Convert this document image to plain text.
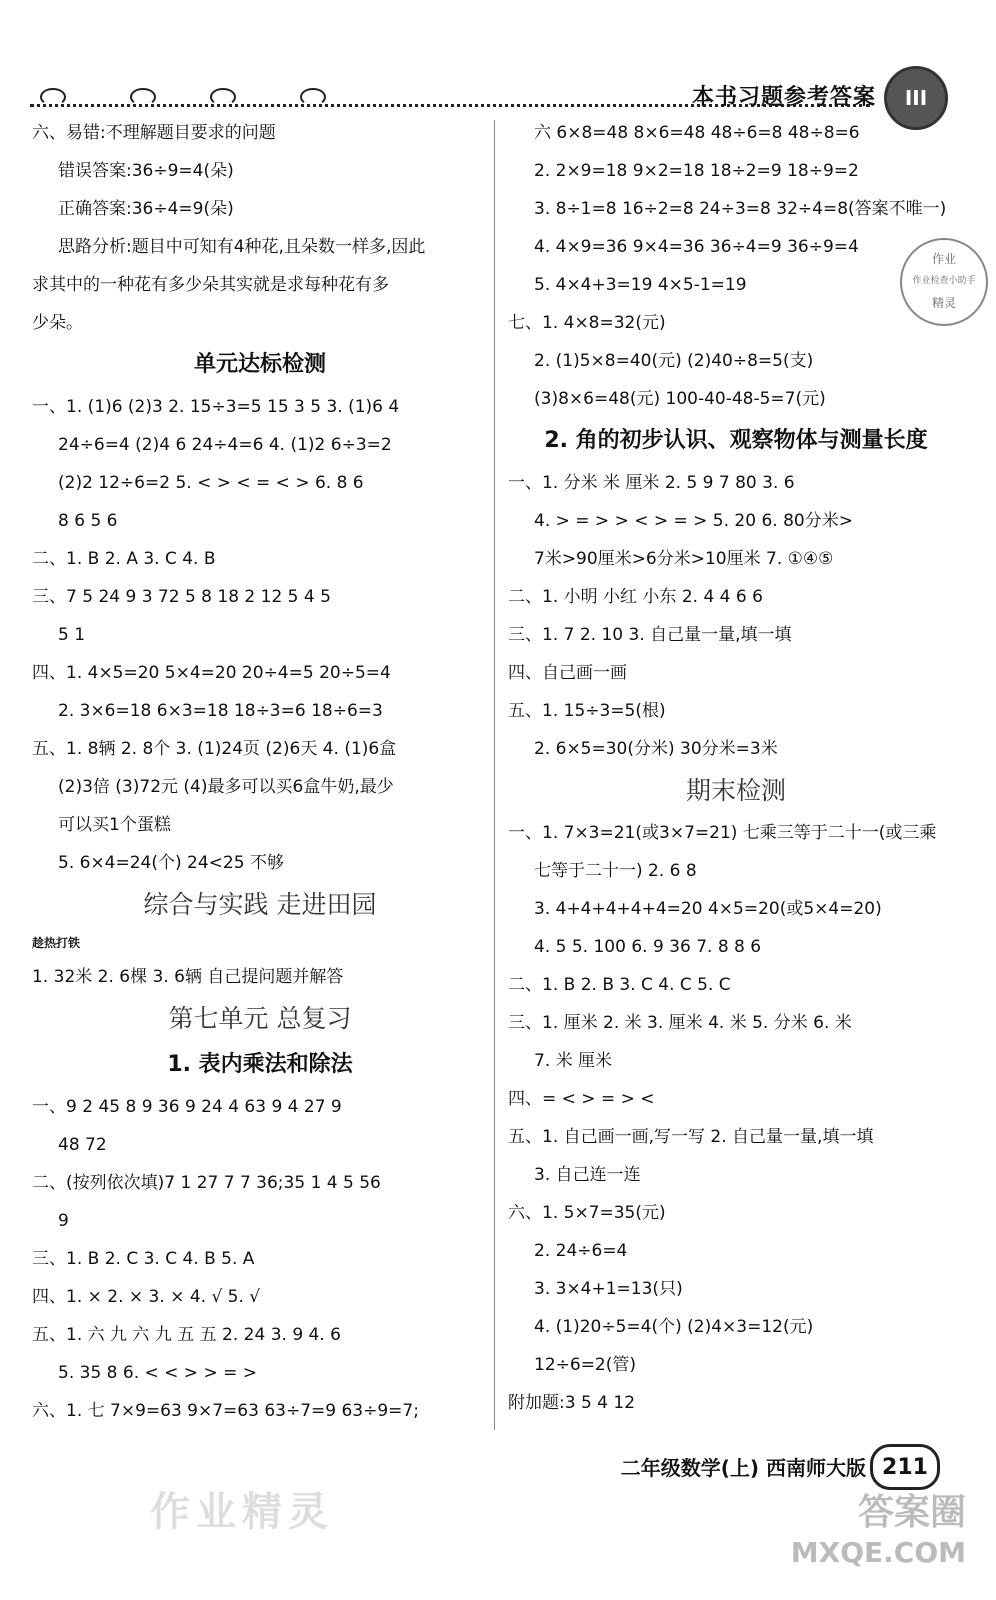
本书习题参考答案	III
六、易错:不理解题目要求的问题
错误答案:36÷9=4(朵)
正确答案:36÷4=9(朵)
思路分析:题目中可知有4种花,且朵数一样多,因此
求其中的一种花有多少朵其实就是求每种花有多
少朵。
单元达标检测
一、1. (1)6 (2)3 2. 15÷3=5 15 3 5 3. (1)6 4
24÷6=4 (2)4 6 24÷4=6 4. (1)2 6÷3=2
(2)2 12÷6=2 5. < > < = < > 6. 8 6
8 6 5 6
二、1. B 2. A 3. C 4. B
三、7 5 24 9 3 72 5 8 18 2 12 5 4 5
5 1
四、1. 4×5=20 5×4=20 20÷4=5 20÷5=4
2. 3×6=18 6×3=18 18÷3=6 18÷6=3
五、1. 8辆 2. 8个 3. (1)24页 (2)6天 4. (1)6盒
(2)3倍 (3)72元 (4)最多可以买6盒牛奶,最少
可以买1个蛋糕
5. 6×4=24(个) 24<25 不够
综合与实践 走进田园
趁热打铁
1. 32米 2. 6棵 3. 6辆 自己提问题并解答
第七单元 总复习
1. 表内乘法和除法
一、9 2 45 8 9 36 9 24 4 63 9 4 27 9
48 72
二、(按列依次填)7 1 27 7 7 36;35 1 4 5 56
9
三、1. B 2. C 3. C 4. B 5. A
四、1. × 2. × 3. × 4. √ 5. √
五、1. 六 九 六 九 五 五 2. 24 3. 9 4. 6
5. 35 8 6. < < > > = >
六、1. 七 7×9=63 9×7=63 63÷7=9 63÷9=7;
六 6×8=48 8×6=48 48÷6=8 48÷8=6
2. 2×9=18 9×2=18 18÷2=9 18÷9=2
3. 8÷1=8 16÷2=8 24÷3=8 32÷4=8(答案不唯一)
4. 4×9=36 9×4=36 36÷4=9 36÷9=4
5. 4×4+3=19 4×5-1=19
七、1. 4×8=32(元)
2. (1)5×8=40(元) (2)40÷8=5(支)
(3)8×6=48(元) 100-40-48-5=7(元)
2. 角的初步认识、观察物体与测量长度
一、1. 分米 米 厘米 2. 5 9 7 80 3. 6
4. > = > > < > = > 5. 20 6. 80分米>
7米>90厘米>6分米>10厘米 7. ①④⑤
二、1. 小明 小红 小东 2. 4 4 6 6
三、1. 7 2. 10 3. 自己量一量,填一填
四、自己画一画
五、1. 15÷3=5(根)
2. 6×5=30(分米) 30分米=3米
期末检测
一、1. 7×3=21(或3×7=21) 七乘三等于二十一(或三乘
七等于二十一) 2. 6 8
3. 4+4+4+4+4=20 4×5=20(或5×4=20)
4. 5 5. 100 6. 9 36 7. 8 8 6
二、1. B 2. B 3. C 4. C 5. C
三、1. 厘米 2. 米 3. 厘米 4. 米 5. 分米 6. 米
7. 米 厘米
四、= < > = > <
五、1. 自己画一画,写一写 2. 自己量一量,填一填
3. 自己连一连
六、1. 5×7=35(元)
2. 24÷6=4
3. 3×4+1=13(只)
4. (1)20÷5=4(个) (2)4×3=12(元)
12÷6=2(管)
附加题:3 5 4 12
作业
作业检查小助手
精灵
二年级数学(上) 西南师大版 211
作业精灵	答案圈
MXQE.COM
